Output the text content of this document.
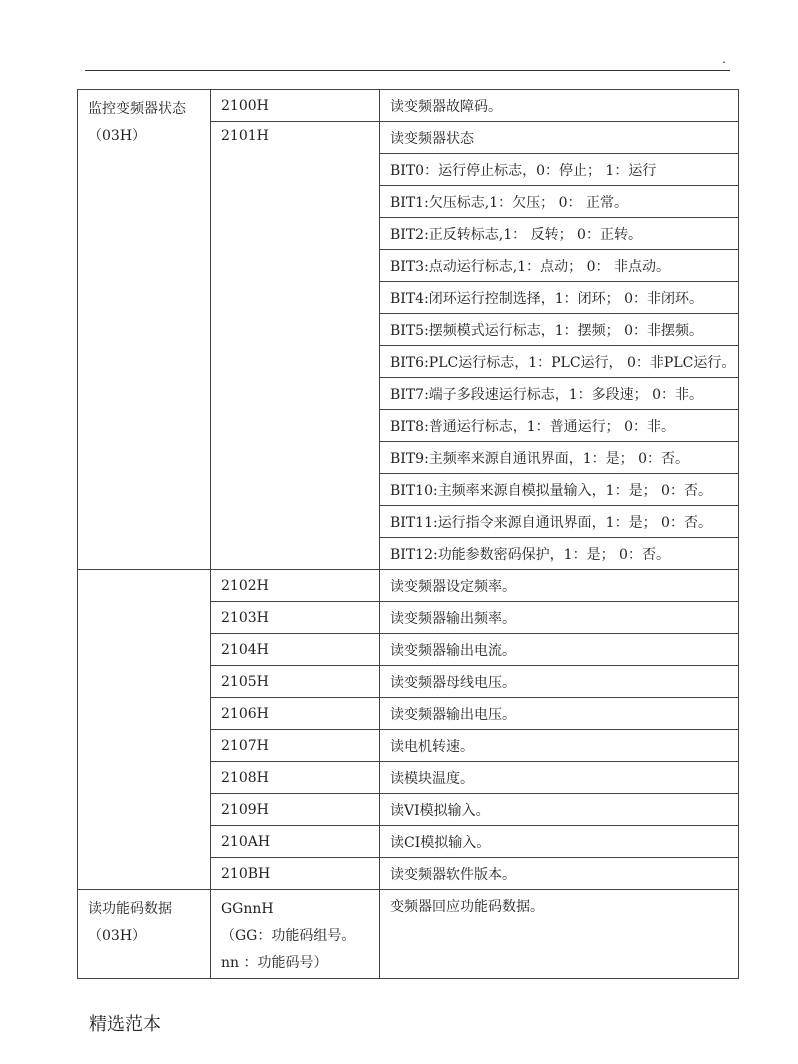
.
监控变频器状态
（03H）	2100H	读变频器故障码。
	2101H	读变频器状态
		BIT0：运行停止标志，0：停止； 1：运行
		BIT1:欠压标志,1：欠压； 0： 正常。
		BIT2:正反转标志,1： 反转； 0：正转。
		BIT3:点动运行标志,1：点动； 0： 非点动。
		BIT4:闭环运行控制选择，1：闭环； 0：非闭环。
		BIT5:摆频模式运行标志，1：摆频； 0：非摆频。
		BIT6:PLC运行标志，1：PLC运行， 0：非PLC运行。
		BIT7:端子多段速运行标志，1：多段速； 0：非。
		BIT8:普通运行标志，1：普通运行； 0：非。
		BIT9:主频率来源自通讯界面，1：是； 0：否。
		BIT10:主频率来源自模拟量输入，1：是； 0：否。
		BIT11:运行指令来源自通讯界面，1：是； 0：否。
		BIT12:功能参数密码保护，1：是； 0：否。
	2102H	读变频器设定频率。
	2103H	读变频器输出频率。
	2104H	读变频器输出电流。
	2105H	读变频器母线电压。
	2106H	读变频器输出电压。
	2107H	读电机转速。
	2108H	读模块温度。
	2109H	读VI模拟输入。
	210AH	读CI模拟输入。
	210BH	读变频器软件版本。

读功能码数据
（03H）	GGnnH
（GG：功能码组号。
nn ：功能码号）	变频器回应功能码数据。
精选范本
